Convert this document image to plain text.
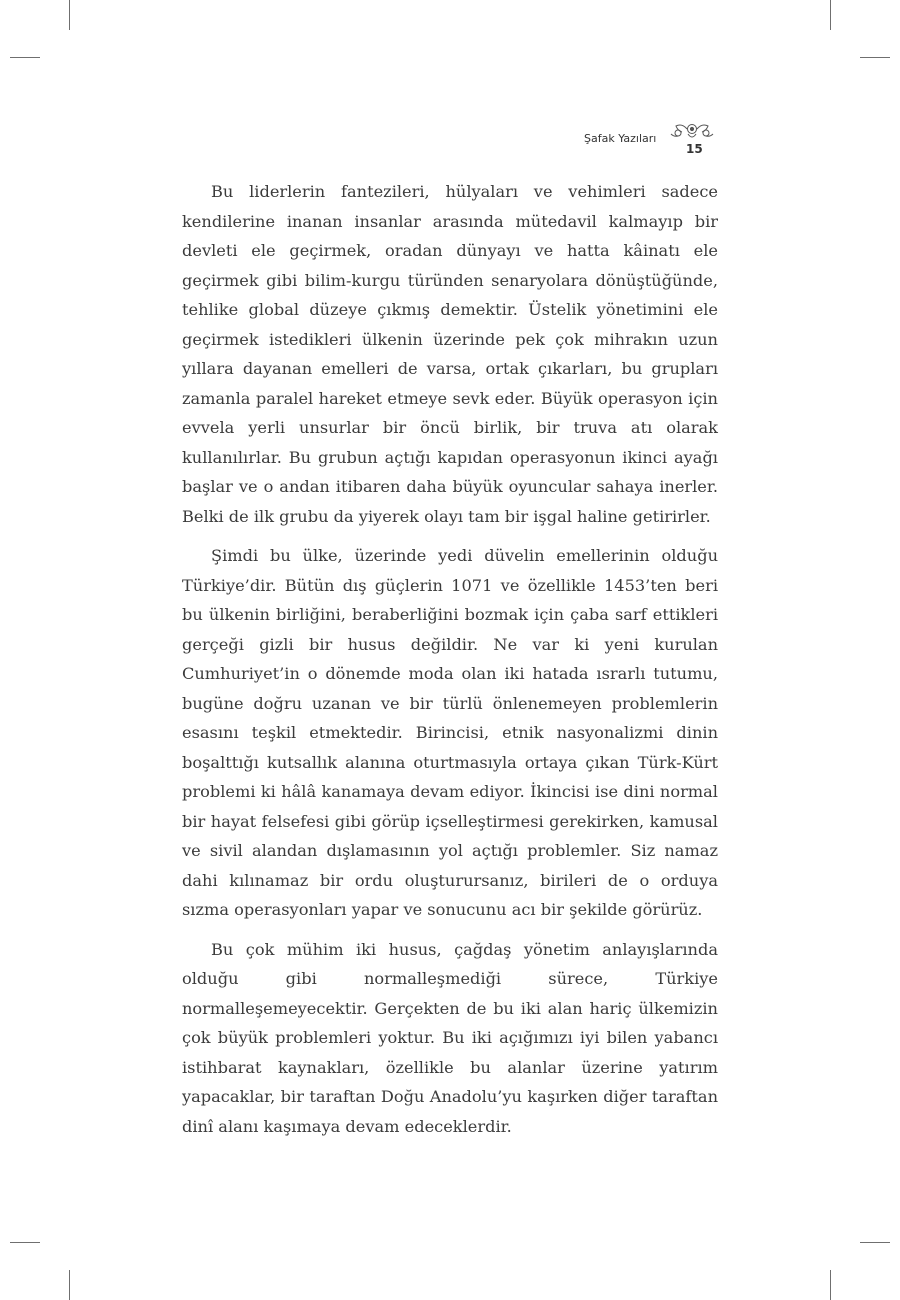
Şafak Yazıları
15

Bu liderlerin fantezileri, hülyaları ve vehimleri sadece kendilerine inanan insanlar arasında mütedavil kalmayıp bir devleti ele geçirmek, oradan dünyayı ve hatta kâinatı ele geçirmek gibi bilim-kurgu türünden senaryolara dönüştüğünde, tehlike global düzeye çıkmış demektir. Üstelik yönetimini ele geçirmek istedikleri ülkenin üzerinde pek çok mihrakın uzun yıllara dayanan emelleri de varsa, ortak çıkarları, bu grupları zamanla paralel hareket etmeye sevk eder. Büyük operasyon için evvela yerli unsurlar bir öncü birlik, bir truva atı olarak kullanılırlar. Bu grubun açtığı kapıdan operasyonun ikinci ayağı başlar ve o andan itibaren daha büyük oyuncular sahaya inerler. Belki de ilk grubu da yiyerek olayı tam bir işgal haline getirirler.

Şimdi bu ülke, üzerinde yedi düvelin emellerinin olduğu Türkiye’dir. Bütün dış güçlerin 1071 ve özellikle 1453’ten beri bu ülkenin birliğini, beraberliğini bozmak için çaba sarf ettikleri gerçeği gizli bir husus değildir. Ne var ki yeni kurulan Cumhuriyet’in o dönemde moda olan iki hatada ısrarlı tutumu, bugüne doğru uzanan ve bir türlü önlenemeyen problemlerin esasını teşkil etmektedir. Birincisi, etnik nasyonalizmi dinin boşalttığı kutsallık alanına oturtmasıyla ortaya çıkan Türk-Kürt problemi ki hâlâ kanamaya devam ediyor. İkincisi ise dini normal bir hayat felsefesi gibi görüp içselleştirmesi gerekirken, kamusal ve sivil alandan dışlamasının yol açtığı problemler. Siz namaz dahi kılınamaz bir ordu oluşturursanız, birileri de o orduya sızma operasyonları yapar ve sonucunu acı bir şekilde görürüz.

Bu çok mühim iki husus, çağdaş yönetim anlayışlarında olduğu gibi normalleşmediği sürece, Türkiye normalleşemeyecektir. Gerçekten de bu iki alan hariç ülkemizin çok büyük problemleri yoktur. Bu iki açığımızı iyi bilen yabancı istihbarat kaynakları, özellikle bu alanlar üzerine yatırım yapacaklar, bir taraftan Doğu Anadolu’yu kaşırken diğer taraftan dinî alanı kaşımaya devam edeceklerdir.
